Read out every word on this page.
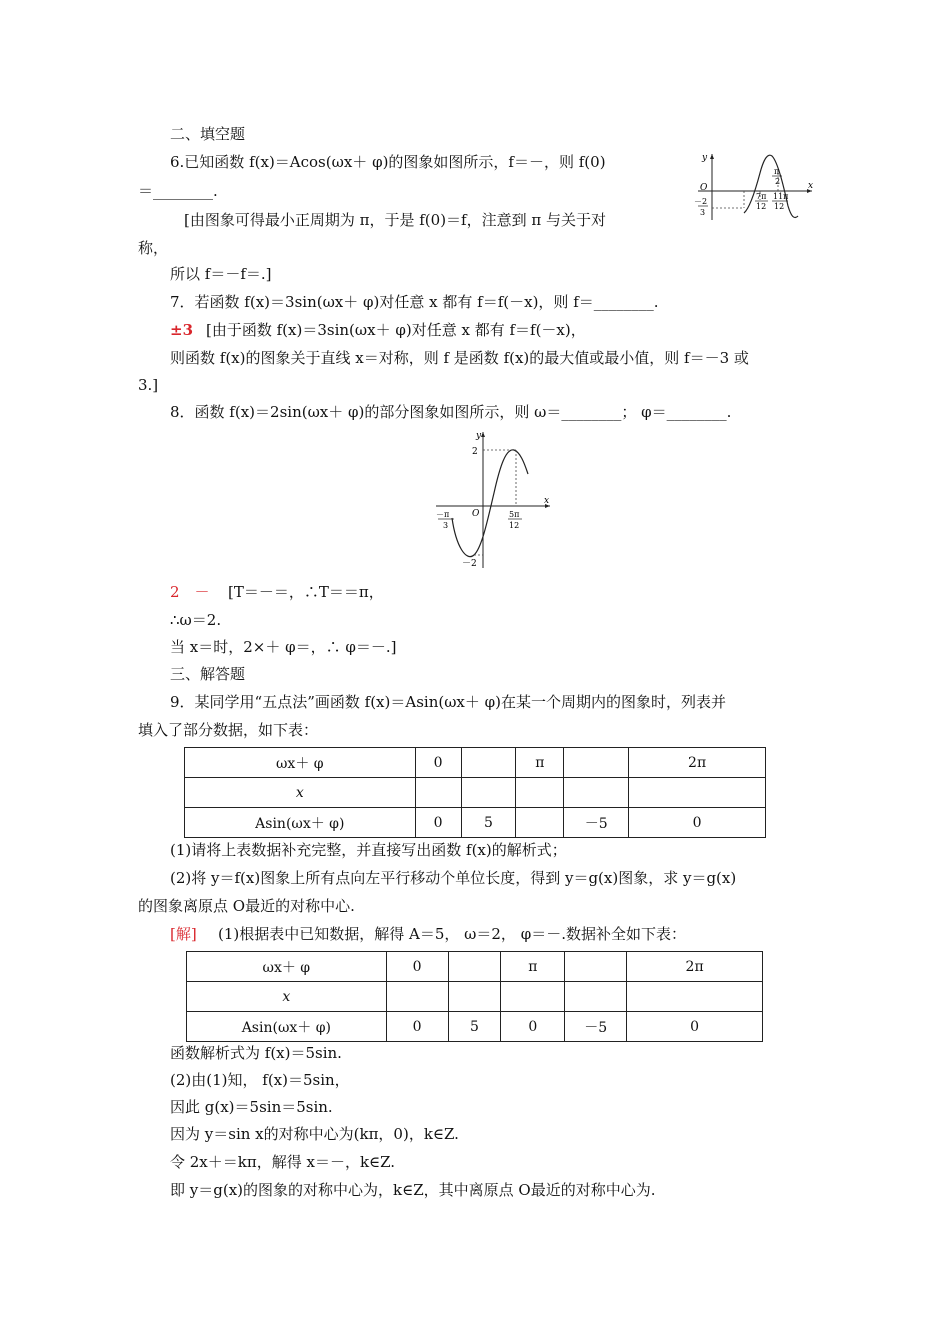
二、填空题
6.已知函数 f(x)＝Acos(ωx＋ φ)的图象如图所示，f＝－，则 f(0)
＝________.
[由图象可得最小正周期为 π，于是 f(0)＝f，注意到 π 与关于对
称，
所以 f＝－f＝.]
y
x
O
π
2
－2
3
7π
12
11π
12
7．若函数 f(x)＝3sin(ωx＋ φ)对任意 x 都有 f＝f(－x)，则 f＝________.
±3 [由于函数 f(x)＝3sin(ωx＋ φ)对任意 x 都有 f＝f(－x)，
则函数 f(x)的图象关于直线 x＝对称，则 f 是函数 f(x)的最大值或最小值，则 f＝－3 或
3.]
8．函数 f(x)＝2sin(ωx＋ φ)的部分图象如图所示，则 ω＝________； φ＝________.
y
x
O
2
－2
－π
3
5π
12
2　－ [T＝－＝，∴T＝＝π，
∴ω＝2.
当 x＝时，2×＋ φ＝，∴ φ＝－.]
三、解答题
9．某同学用“五点法”画函数 f(x)＝Asin(ωx＋ φ)在某一个周期内的图象时，列表并
填入了部分数据，如下表：
ωx＋ φ	0		π		2π
x					
Asin(ωx＋ φ)	0	5		－5	0
(1)请将上表数据补充完整，并直接写出函数 f(x)的解析式；
(2)将 y＝f(x)图象上所有点向左平行移动个单位长度，得到 y＝g(x)图象，求 y＝g(x)
的图象离原点 O最近的对称中心.
[解] (1)根据表中已知数据，解得 A＝5， ω＝2， φ＝－.数据补全如下表：
ωx＋ φ	0		π		2π
x					
Asin(ωx＋ φ)	0	5	0	－5	0
函数解析式为 f(x)＝5sin.
(2)由(1)知， f(x)＝5sin，
因此 g(x)＝5sin＝5sin.
因为 y＝sin x的对称中心为(kπ，0)，k∈Z.
令 2x＋＝kπ，解得 x＝－，k∈Z.
即 y＝g(x)的图象的对称中心为，k∈Z，其中离原点 O最近的对称中心为.
